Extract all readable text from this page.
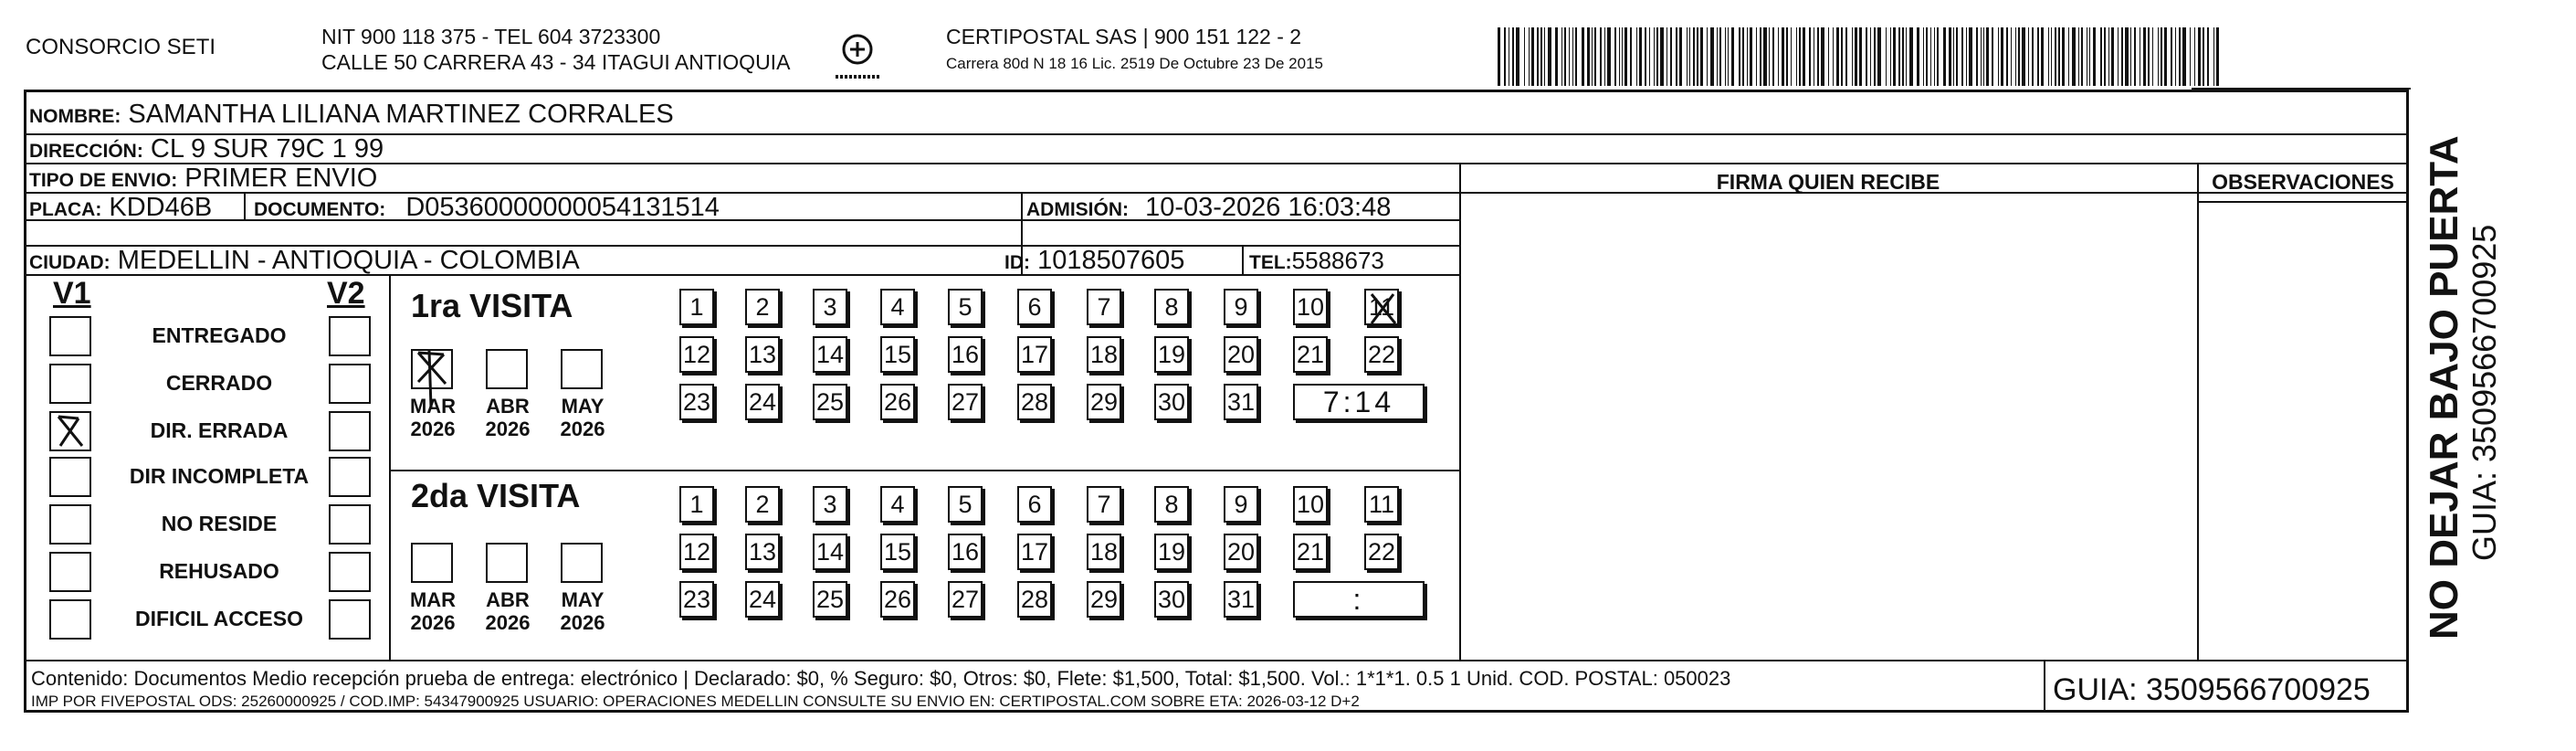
CONSORCIO SETI	NIT 900 118 375 - TEL 604 3723300
CALLE 50 CARRERA 43 - 34 ITAGUI ANTIOQUIA
CERTIPOSTAL SAS | 900 151 122 - 2
Carrera 80d N 18 16 Lic. 2519 De Octubre 23 De 2015
NOMBRE: SAMANTHA LILIANA MARTINEZ CORRALES
DIRECCIÓN: CL 9 SUR 79C 1 99
TIPO DE ENVIO: PRIMER ENVIO
PLACA: KDD46B DOCUMENTO: D05360000000054131514	ADMISIÓN: 10-03-2026 16:03:48
CIUDAD: MEDELLIN - ANTIOQUIA - COLOMBIA	ID: 1018507605	TEL:5588673
FIRMA QUIEN RECIBE	OBSERVACIONES
V1	V2
ENTREGADO
CERRADO
DIR. ERRADA
DIR INCOMPLETA
NO RESIDE
REHUSADO
DIFICIL ACCESO
1ra VISITA
MAR
2026
ABR
2026
MAY
2026
1	2	3	4	5	6	7	8	9	10 11
12 13 14 15 16 17 18 19 20 21 22
23 24 25 26 27 28 29 30 31	7:14
2da VISITA
MAR
2026
ABR
2026
MAY
2026
1	2	3	4	5	6	7	8	9	10 11
12 13 14 15 16 17 18 19 20 21 22
23 24 25 26 27 28 29 30 31	:
Contenido: Documentos Medio recepción prueba de entrega: electrónico | Declarado: $0, % Seguro: $0, Otros: $0, Flete: $1,500, Total: $1,500. Vol.: 1*1*1. 0.5 1 Unid. COD. POSTAL: 050023
IMP POR FIVEPOSTAL ODS: 25260000925 / COD.IMP: 54347900925 USUARIO: OPERACIONES MEDELLIN CONSULTE SU ENVIO EN: CERTIPOSTAL.COM SOBRE ETA: 2026-03-12 D+2	GUIA: 3509566700925
NO DEJAR BAJO PUERTA GUIA: 3509566700925
